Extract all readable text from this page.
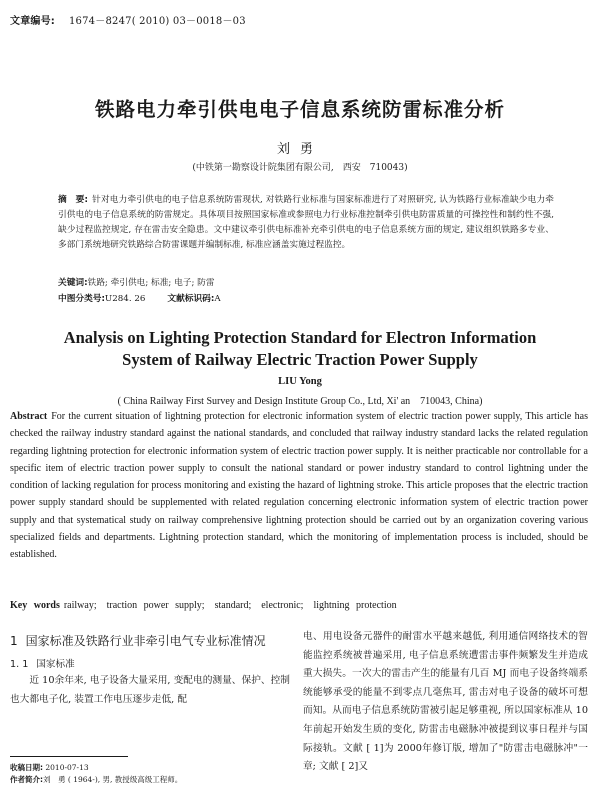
文章编号: 1674－8247( 2010) 03－0018－03
铁路电力牵引供电电子信息系统防雷标准分析
刘勇
(中铁第一勘察设计院集团有限公司,　西安　710043)
摘　要: 针对电力牵引供电的电子信息系统防雷现状, 对铁路行业标准与国家标准进行了对照研究, 认为铁路行业标准缺少电力牵引供电的电子信息系统的防雷规定。具体项目按照国家标准或参照电力行业标准控制牵引供电防雷质量的可操控性和制约性不强, 缺少过程监控规定, 存在雷击安全隐患。文中建议牵引供电标准补充牵引供电的电子信息系统方面的规定, 建议组织铁路多专业、多部门系统地研究铁路综合防雷课题并编制标准, 标准应涵盖实施过程监控。
关键词:铁路; 牵引供电; 标准; 电子; 防雷
中图分类号:U284. 26	文献标识码:A
Analysis on Lighting Protection Standard for Electron Information
System of Railway Electric Traction Power Supply
LIU Yong
( China Railway First Survey and Design Institute Group Co., Ltd, Xi' an　710043, China)
Abstract For the current situation of lightning protection for electronic information system of electric traction power supply, This article has checked the railway industry standard against the national standards, and concluded that railway industry standard lacks the related regulation regarding lightning protection for electronic information system of electric traction power supply. It is neither practicable nor controllable for a specific item of electric traction power supply to consult the national standard or power industry standard to control lightning under the condition of lacking regulation for process monitoring and existing the hazard of lightning stroke. This article proposes that the electric traction power supply standard should be supplemented with related regulation concerning electronic information system of electric traction power supply and that systematical study on railway comprehensive lightning protection should be carried out by an organization covering various specialized fields and departments. Lightning protection standard, which the monitoring of implementation process is included, should be established.
Key words railway;　traction power supply;　standard;　electronic;　lightning protection
1 国家标准及铁路行业非牵引电气专业标准情况
1. 1 国家标准

近 10余年来, 电子设备大量采用, 变配电的测量、保护、控制也大都电子化, 装置工作电压逐步走低, 配

电、用电设备元器件的耐雷水平越来越低, 利用通信网络技术的智能监控系统被普遍采用, 电子信息系统遭雷击事件频繁发生并造成重大损失。一次大的雷击产生的能量有几百 MJ 而电子设备终端系统能够承受的能量不到零点几毫焦耳, 雷击对电子设备的破坏可想而知。从而电子信息系统防雷被引起足够重视, 所以国家标准从 10年前起开始发生质的变化, 防雷击电磁脉冲被提到议事日程并与国际接轨。文献 [ 1]为 2000年修订版, 增加了"防雷击电磁脉冲"一章; 文献 [ 2]又

收稿日期: 2010-07-13
作者简介:刘　勇 ( 1964-), 男, 教授级高级工程师。
